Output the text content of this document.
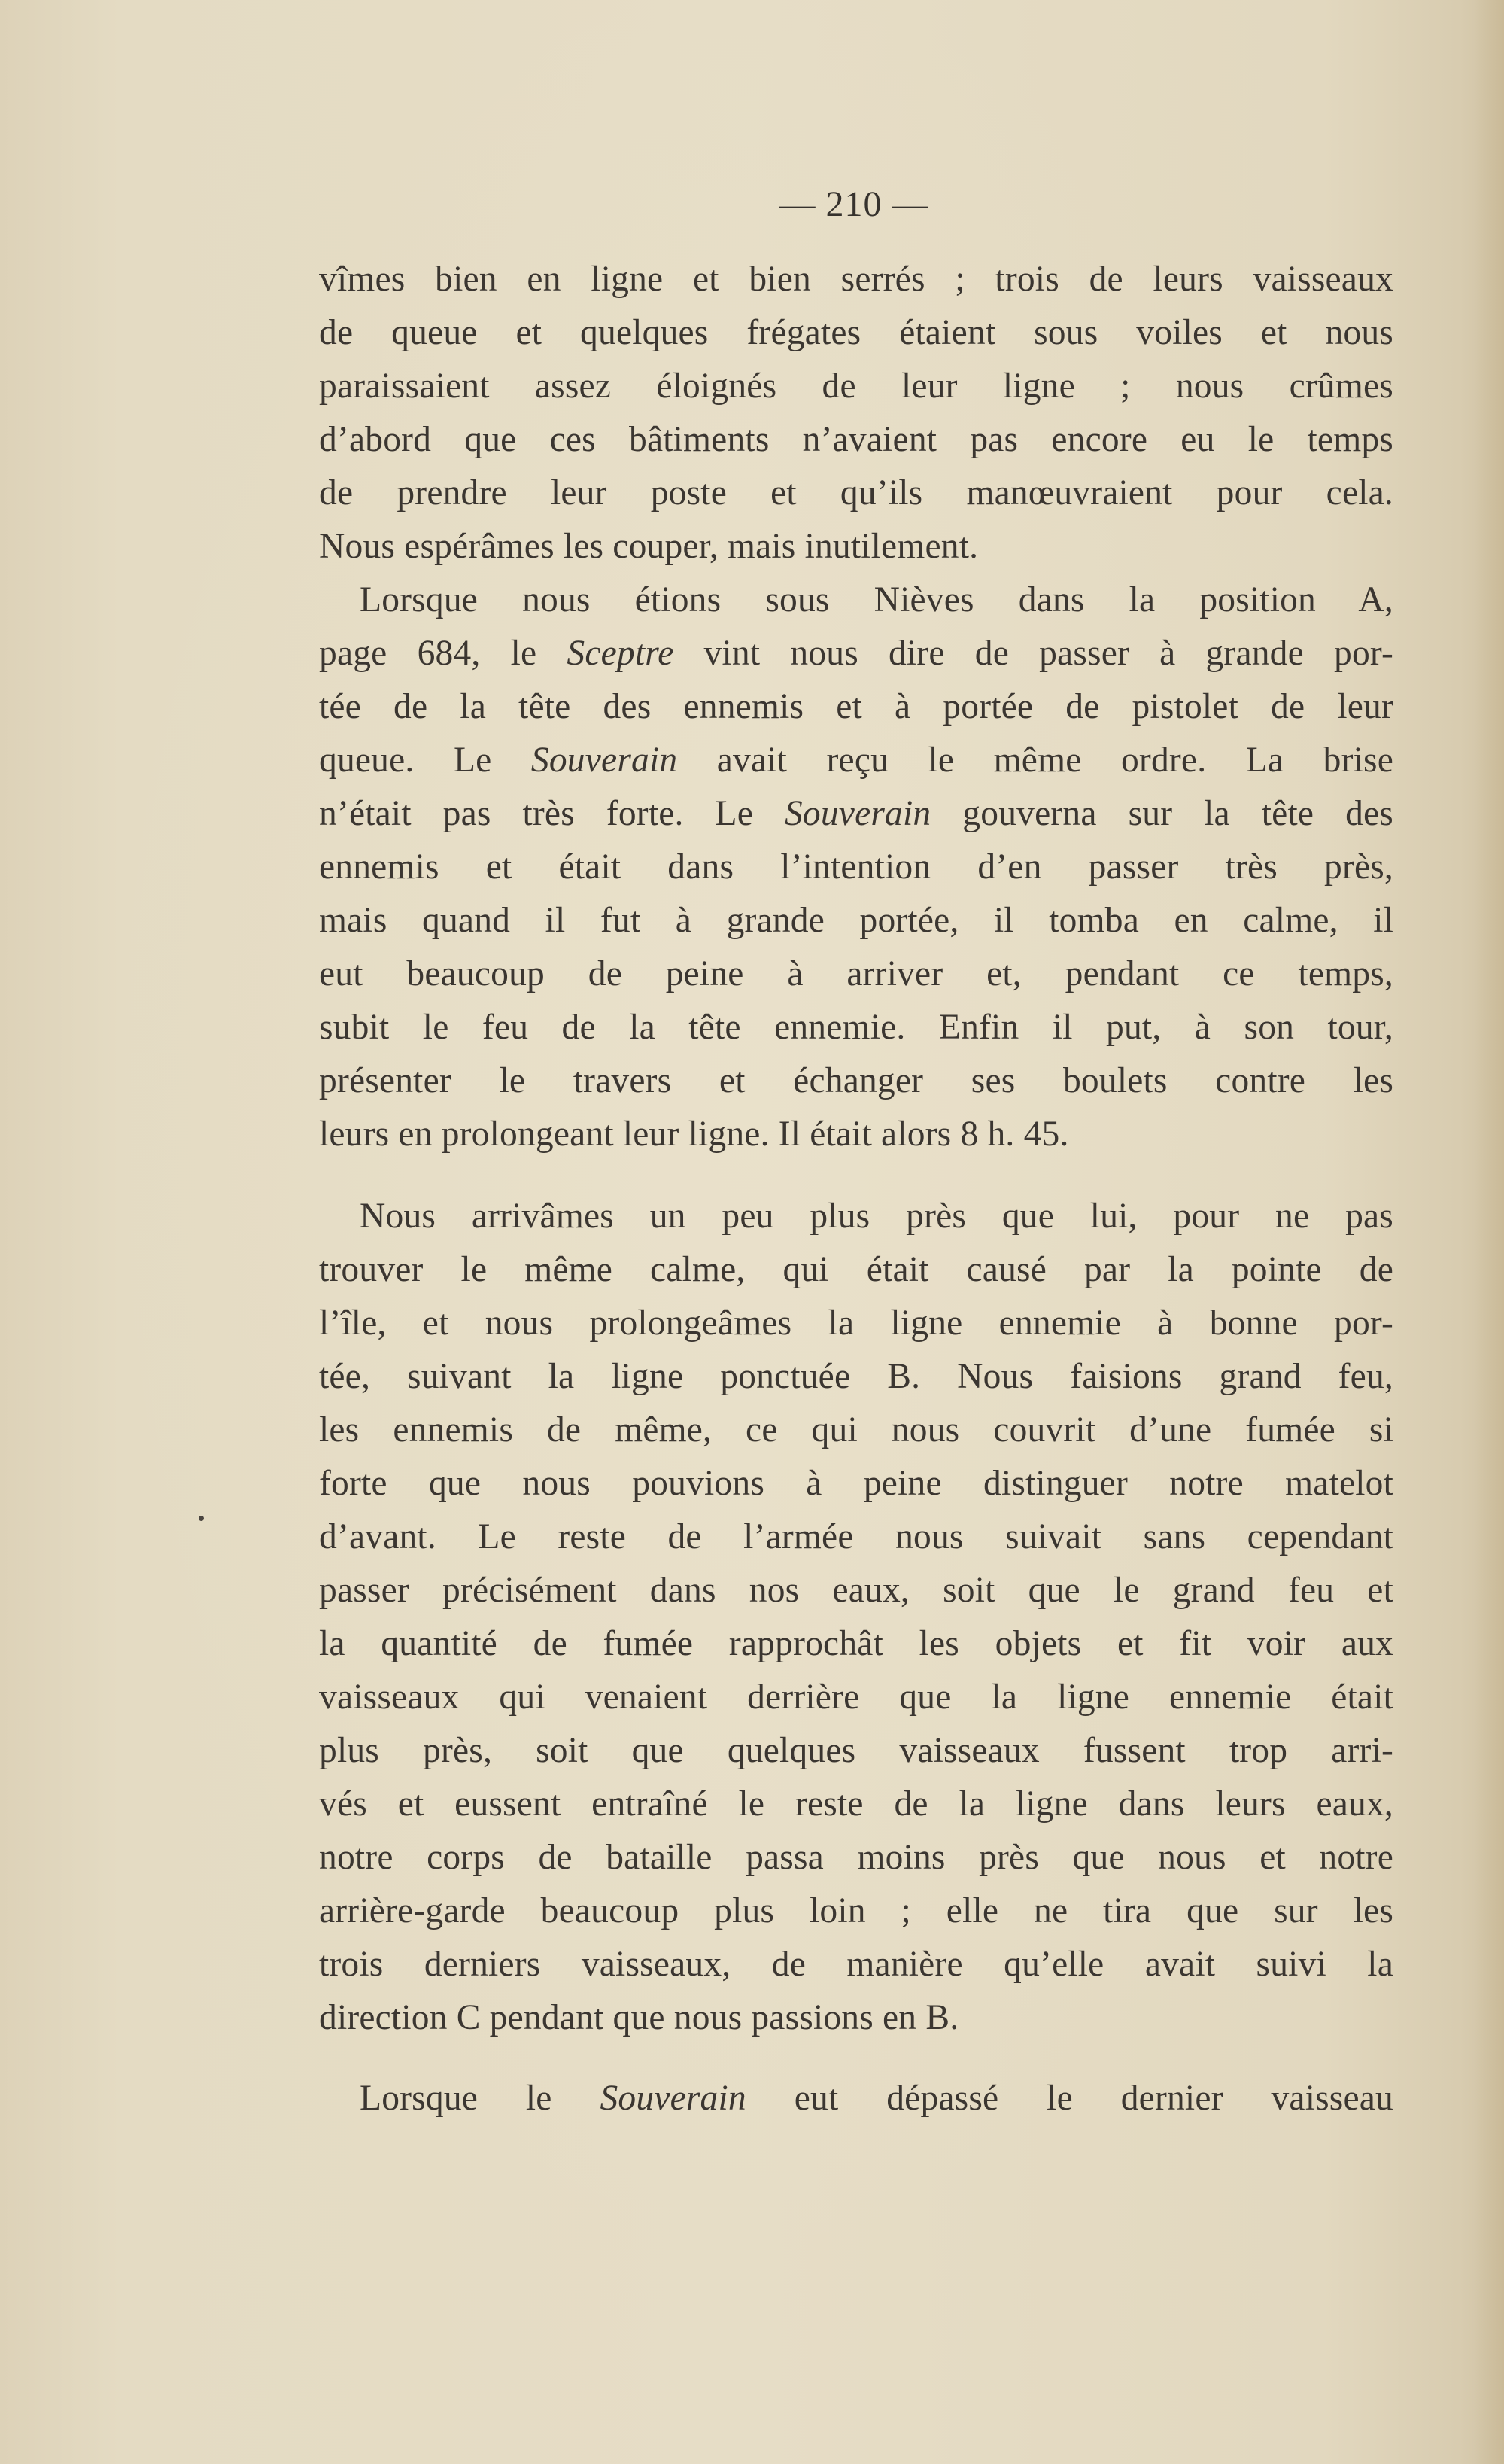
— 210 —
vîmes bien en ligne et bien serrés ; trois de leurs vaisseaux
de queue et quelques frégates étaient sous voiles et nous
paraissaient assez éloignés de leur ligne ; nous crûmes
d’abord que ces bâtiments n’avaient pas encore eu le temps
de prendre leur poste et qu’ils manœuvraient pour cela.
Nous espérâmes les couper, mais inutilement.
Lorsque nous étions sous Nièves dans la position A,
page 684, le Sceptre vint nous dire de passer à grande por-
tée de la tête des ennemis et à portée de pistolet de leur
queue. Le Souverain avait reçu le même ordre. La brise
n’était pas très forte. Le Souverain gouverna sur la tête des
ennemis et était dans l’intention d’en passer très près,
mais quand il fut à grande portée, il tomba en calme, il
eut beaucoup de peine à arriver et, pendant ce temps,
subit le feu de la tête ennemie. Enfin il put, à son tour,
présenter le travers et échanger ses boulets contre les
leurs en prolongeant leur ligne. Il était alors 8 h. 45.
Nous arrivâmes un peu plus près que lui, pour ne pas
trouver le même calme, qui était causé par la pointe de
l’île, et nous prolongeâmes la ligne ennemie à bonne por-
tée, suivant la ligne ponctuée B. Nous faisions grand feu,
les ennemis de même, ce qui nous couvrit d’une fumée si
forte que nous pouvions à peine distinguer notre matelot
d’avant. Le reste de l’armée nous suivait sans cependant
passer précisément dans nos eaux, soit que le grand feu et
la quantité de fumée rapprochât les objets et fit voir aux
vaisseaux qui venaient derrière que la ligne ennemie était
plus près, soit que quelques vaisseaux fussent trop arri-
vés et eussent entraîné le reste de la ligne dans leurs eaux,
notre corps de bataille passa moins près que nous et notre
arrière-garde beaucoup plus loin ; elle ne tira que sur les
trois derniers vaisseaux, de manière qu’elle avait suivi la
direction C pendant que nous passions en B.
Lorsque le Souverain eut dépassé le dernier vaisseau
